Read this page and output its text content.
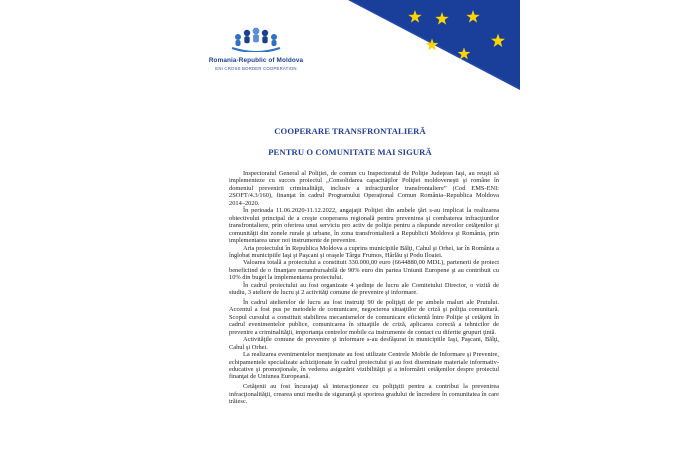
Romania-Republic of Moldova
ENI CROSS BORDER COOPERATION
COOPERARE TRANSFRONTALIERĂ
PENTRU O COMUNITATE MAI SIGURĂ

Inspectoratul General al Poliţiei, de comun cu Inspectoratul de Poliţie Judeţean Iaşi, au reuşit să implementeze cu succes proiectul „Consolidarea capacităţilor Poliţiei moldoveneşti şi române în domeniul prevenirii criminalităţii, inclusiv a infracţiunilor transfrontaliere” (Cod EMS-ENI: 2SOFT/4.3/160), finanţat în cadrul Programului Operaţional Comun România–Republica Moldova 2014–2020.

În perioada 11.06.2020-11.12.2022, angajaţii Poliţiei din ambele ţări s-au implicat la realizarea obiectivului principal de a creşte cooperarea regională pentru prevenirea şi combaterea infracţiunilor transfrontaliere, prin oferirea unui serviciu pro activ de poliţie pentru a răspunde nevoilor cetăţenilor şi comunităţii din zonele rurale şi urbane, în zona transfrontalieră a Republicii Moldova şi România, prin implementarea unor noi instrumente de prevenire.

Aria proiectului în Republica Moldova a cuprins municipiile Bălţi, Cahul şi Orhei, iar în România a înglobat municipiile Iaşi şi Paşcani şi oraşele Târgu Frumos, Hârlău şi Podu Iloaiei.

Valoarea totală a proiectului a constituit 330.000,00 euro (6644880,00 MDL), partenerii de proiect beneficiind de o finanţare nerambursabilă de 90% euro din partea Uniunii Europene şi au contribuit cu 10% din buget la implementarea proiectului.

În cadrul proiectului au fost organizate 4 şedinţe de lucru ale Comitetului Director, o vizită de studiu, 3 ateliere de lucru şi 2 activităţi comune de prevenire şi informare.

În cadrul atelierelor de lucru au fost instruiţi 90 de poliţişti de pe ambele maluri ale Prutului. Accentul a fost pus pe metodele de comunicare, negocierea situaţiilor de criză şi poliţia comunitară. Scopul cursului a constituit stabilirea mecanismelor de comunicare eficientă între Poliţie şi cetăţeni în cadrul evenimentelor publice, comunicarea în situaţiile de criză, aplicarea corectă a tehnicilor de prevenire a criminalităţii, importanţa centrelor mobile ca instrumente de contact cu diferite grupuri ţintă.

Activităţile comune de prevenire şi informare s-au desfăşurat în municipiile Iaşi, Paşcani, Bălţi, Cahul şi Orhei.

La realizarea evenimentelor menţionate au fost utilizate Centrele Mobile de Informare şi Prevenire, echipamentele specializate achiziţionate în cadrul proiectului şi au fost diseminate materiale informativ-educative şi promoţionale, în vederea asigurării vizibilităţii şi a informării cetăţenilor despre proiectul finanţat de Uniunea Europeană.

Cetăţenii au fost încurajaţi să interacţioneze cu poliţiştii pentru a contribui la prevenirea infracţionalităţii, crearea unui mediu de siguranţă şi sporirea gradului de încredere în comunitatea în care trăiesc.
